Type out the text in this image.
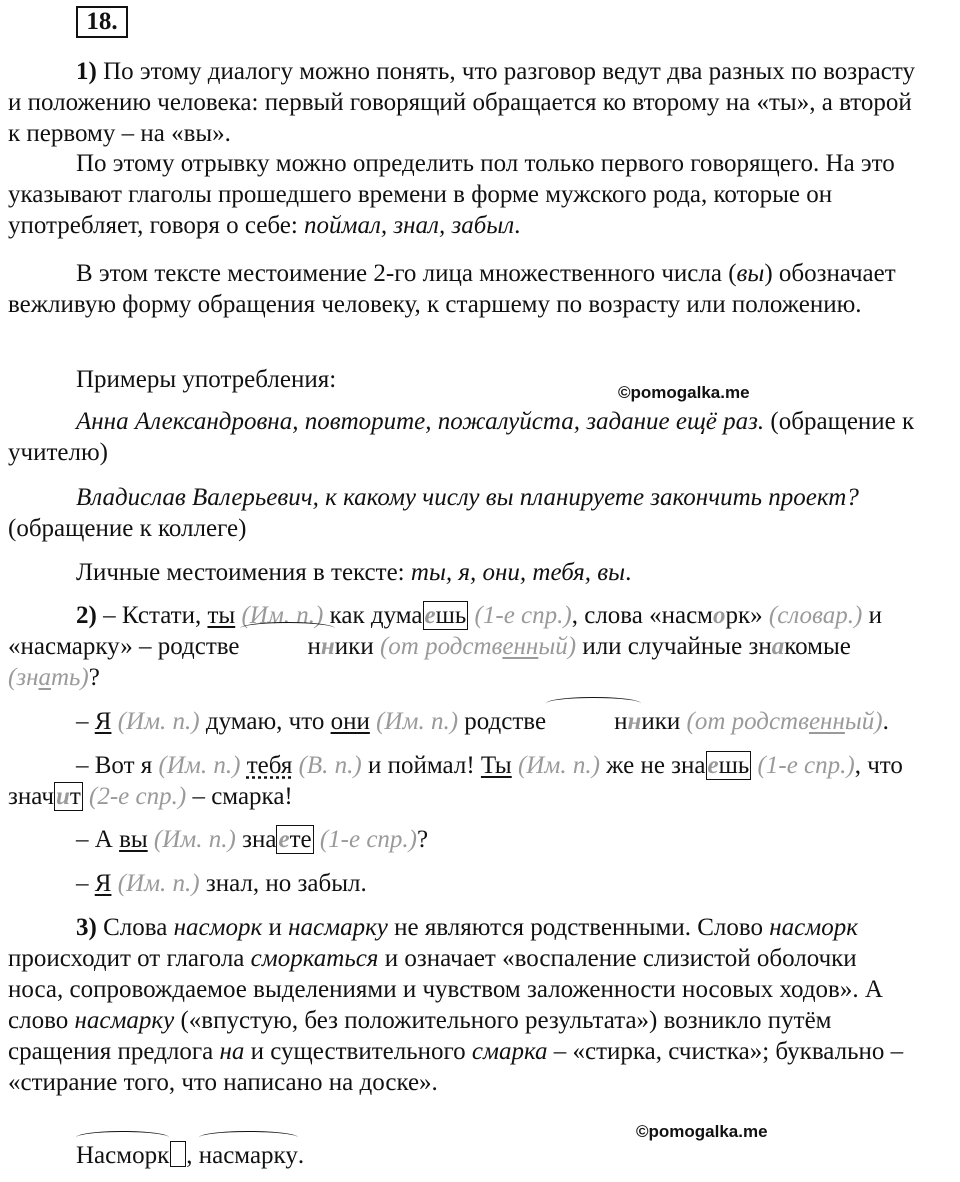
18.

1) По этому диалогу можно понять, что разговор ведут два разных по возрасту и положению человека: первый говорящий обращается ко второму на «ты», а второй к первому – на «вы».

По этому отрывку можно определить пол только первого говорящего. На это указывают глаголы прошедшего времени в форме мужского рода, которые он употребляет, говоря о себе: поймал, знал, забыл.

В этом тексте местоимение 2-го лица множественного числа (вы) обозначает вежливую форму обращения человеку, к старшему по возрасту или положению.

Примеры употребления:	©pomogalka.me

Анна Александровна, повторите, пожалуйста, задание ещё раз. (обращение к учителю)

Владислав Валерьевич, к какому числу вы планируете закончить проект? (обращение к коллеге)

Личные местоимения в тексте: ты, я, они, тебя, вы.

2) – Кстати, ты (Им. п.) как думаешь (1-е спр.), слова «насморк» (словар.) и «насмарку» – родстве	нники (от родственный) или случайные знакомые (знать)?

– Я (Им. п.) думаю, что они (Им. п.) родстве	нники (от родственный).

– Вот я (Им. п.) тебя (В. п.) и поймал! Ты (Им. п.) же не знаешь (1-е спр.), что значит (2-е спр.) – смарка!

– А вы (Им. п.) знаете (1-е спр.)?

– Я (Им. п.) знал, но забыл.

3) Слова насморк и насмарку не являются родственными. Слово насморк происходит от глагола сморкаться и означает «воспаление слизистой оболочки носа, сопровождаемое выделениями и чувством заложенности носовых ходов». А слово насмарку («впустую, без положительного результата») возникло путём сращения предлога на и существительного смарка – «стирка, счистка»; буквально – «стирание того, что написано на доске».

©pomogalka.me
Насморк , насмарку.
